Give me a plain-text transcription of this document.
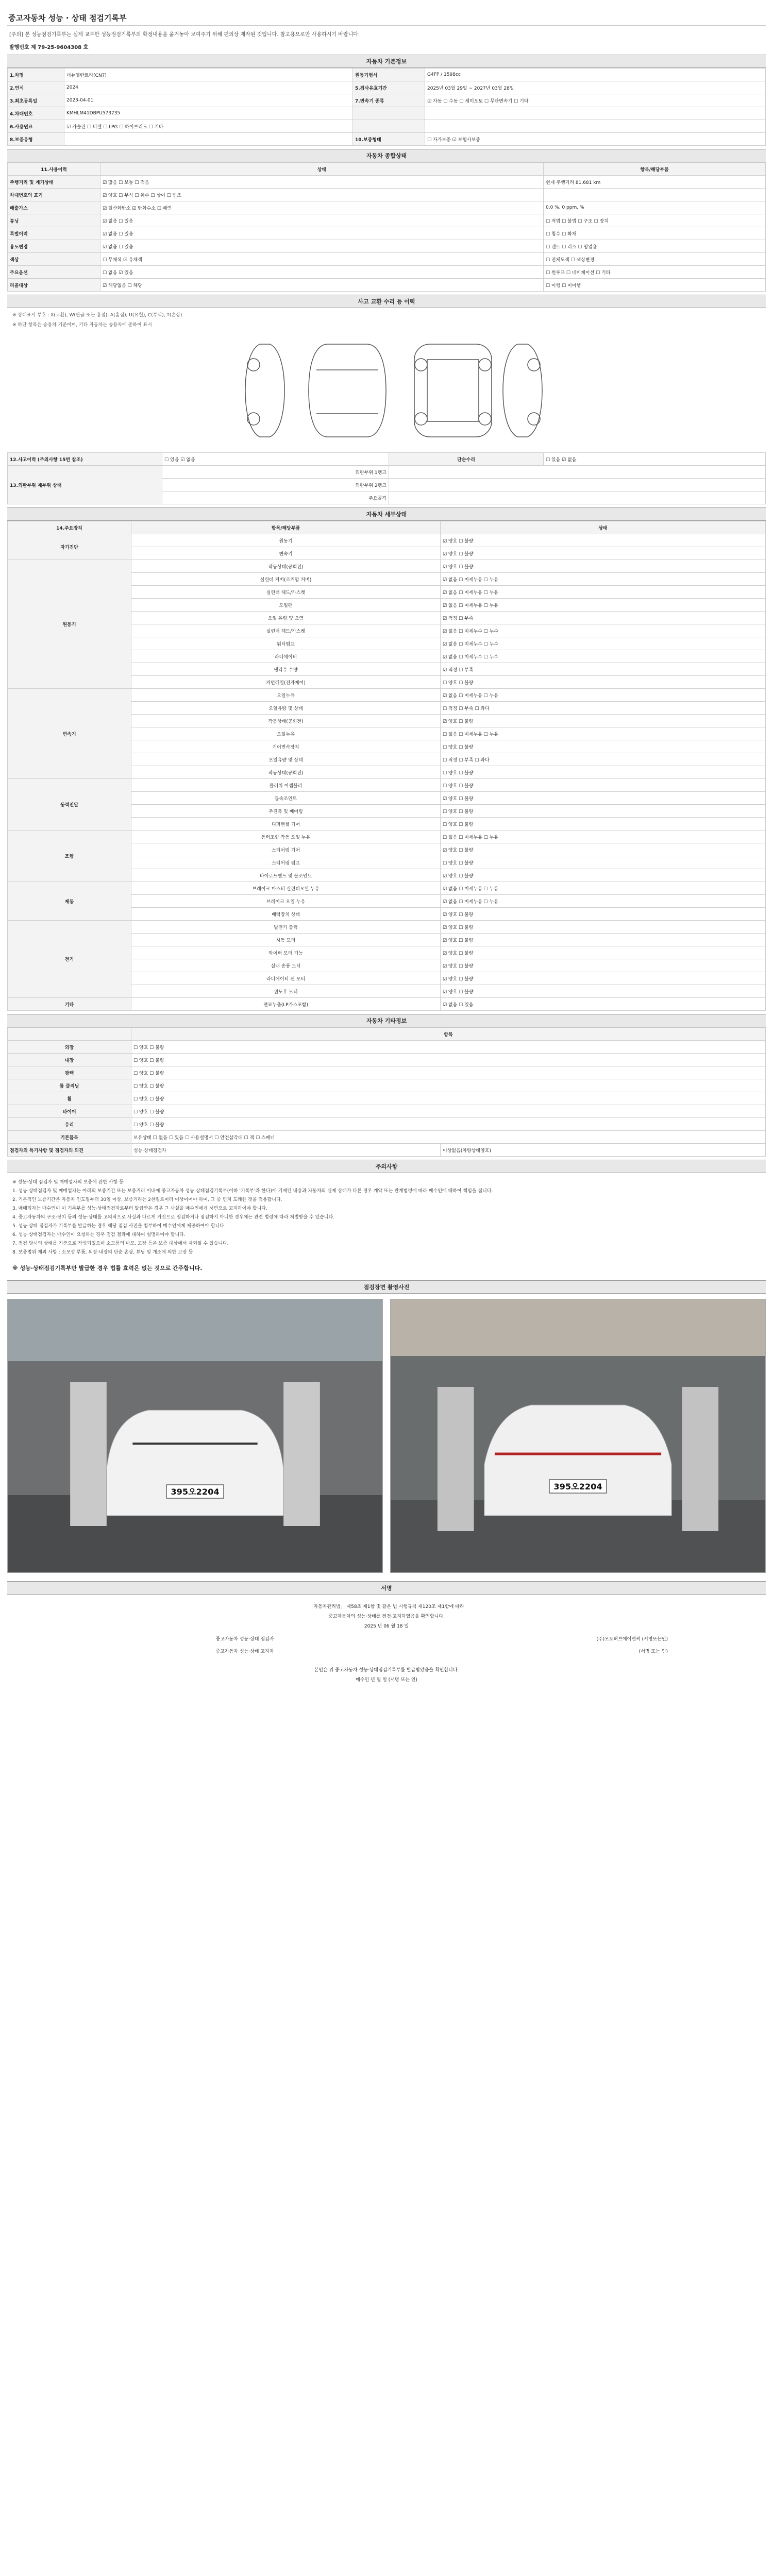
중고자동차 성능 · 상태 점검기록부
[주의] 본 성능점검기록부는 실제 교부한 성능점검기록부의 확정내용을 옮겨놓아 보여주기 위해 편의상 제작된 것입니다. 참고용으로만 사용하시기 바랍니다.
발행번호 제 79-25-9604308 호
자동차 기본정보
1.차명	더뉴엘란트라(CN7)	원동기형식	G4FP / 1598cc
2.연식	2024	5.검사유효기간	2025년 03월 29일 ~ 2027년 03월 28일
3.최초등록일	2023-04-01	7.변속기 종류	☑ 자동 ☐ 수동 ☐ 세미오토 ☐ 무단변속기 ☐ 기타
4.차대번호	KMHLM41DBPU573735		
6.사용연료	☑ 가솔린 ☐ 디젤 ☐ LPG ☐ 하이브리드 ☐ 기타		
8.보증유형		10.보증형태	☐ 자가보증 ☑ 보험사보증
자동차 종합상태
11.사용이력	상태	항목/해당부품
주행거리 및 계기상태	☑ 많음 ☐ 보통 ☐ 적음	현재 주행거리 81,681 km
차대번호의 표기	☑ 양호 ☐ 부식 ☐ 훼손 ☐ 상이 ☐ 변조	
배출가스	☑ 일산화탄소 ☑ 탄화수소 ☐ 매연	0.0 %, 0 ppm, %
튜닝	☑ 없음 ☐ 있음	☐ 적법 ☐ 불법 ☐ 구조 ☐ 장치
특별이력	☑ 없음 ☐ 있음	☐ 침수 ☐ 화재
용도변경	☑ 없음 ☐ 있음	☐ 렌트 ☐ 리스 ☐ 영업용
색상	☐ 무채색 ☑ 유채색	☐ 전체도색 ☐ 색상변경
주요옵션	☐ 없음 ☑ 있음	☐ 썬루프 ☐ 네비게이션 ☐ 기타
리콜대상	☑ 해당없음 ☐ 해당	☐ 이행 ☐ 미이행
사고 교환 수리 등 이력
※ 상태표시 부호 : X(교환), W(판금 또는 용접), A(흠집), U(요철), C(부식), T(손상)
※ 하단 항목은 승용차 기준이며, 기타 자동차는 승용차에 준하여 표시
12.사고이력 (주의사항 15번 참조)	☐ 있음 ☑ 없음	단순수리	☐ 있음 ☑ 없음
13.외판부위 제부위 상태	외판부위 1랭크		
	외판부위 2랭크		
	주요골격		
자동차 세부상태
14.주요장치	항목/해당부품	상태
자기진단	원동기	☑ 양호 ☐ 불량
	변속기	☑ 양호 ☐ 불량
원동기	작동상태(공회전)	☑ 양호 ☐ 불량
	실린더 커버(로커암 커버)	☑ 없음 ☐ 미세누유 ☐ 누유
	실린더 헤드/가스켓	☑ 없음 ☐ 미세누유 ☐ 누유
	오일팬	☑ 없음 ☐ 미세누유 ☐ 누유
	오일 유량 및 오염	☑ 적정 ☐ 부족
	실린더 헤드/가스켓	☑ 없음 ☐ 미세누수 ☐ 누수
	워터펌프	☑ 없음 ☐ 미세누수 ☐ 누수
	라디에이터	☑ 없음 ☐ 미세누수 ☐ 누수
	냉각수 수량	☑ 적정 ☐ 부족
	커먼레일(전자제어)	☐ 양호 ☐ 불량
변속기	오일누유	☑ 없음 ☐ 미세누유 ☐ 누유
	오일유량 및 상태	☐ 적정 ☐ 부족 ☐ 과다
	작동상태(공회전)	☑ 양호 ☐ 불량
	오일누유	☐ 없음 ☐ 미세누유 ☐ 누유
	기어변속장치	☐ 양호 ☐ 불량
	오일유량 및 상태	☐ 적정 ☐ 부족 ☐ 과다
	작동상태(공회전)	☐ 양호 ☐ 불량
동력전달	클러치 어셈블리	☐ 양호 ☐ 불량
	등속조인트	☑ 양호 ☐ 불량
	추진축 및 베어링	☐ 양호 ☐ 불량
	디퍼렌셜 기어	☐ 양호 ☐ 불량
조향	동력조향 작동 오일 누유	☐ 없음 ☐ 미세누유 ☐ 누유
	스티어링 기어	☑ 양호 ☐ 불량
	스티어링 펌프	☐ 양호 ☐ 불량
	타이로드엔드 및 볼조인트	☑ 양호 ☐ 불량
제동	브레이크 마스터 실린더오일 누유	☑ 없음 ☐ 미세누유 ☐ 누유
	브레이크 오일 누유	☑ 없음 ☐ 미세누유 ☐ 누유
	배력장치 상태	☑ 양호 ☐ 불량
전기	발전기 출력	☑ 양호 ☐ 불량
	시동 모터	☑ 양호 ☐ 불량
	와이퍼 모터 기능	☑ 양호 ☐ 불량
	실내 송풍 모터	☑ 양호 ☐ 불량
	라디에이터 팬 모터	☑ 양호 ☐ 불량
	윈도우 모터	☑ 양호 ☐ 불량
기타	연료누출(LP가스포함)	☑ 없음 ☐ 있음
자동차 기타정보
	항목	
외장	☐ 양호 ☐ 불량	
내장	☐ 양호 ☐ 불량	
광택	☐ 양호 ☐ 불량	
룸 클리닝	☐ 양호 ☐ 불량	
휠	☐ 양호 ☐ 불량	
타이어	☐ 양호 ☐ 불량	
유리	☐ 양호 ☐ 불량	
기본품목	보유상태 ☐ 없음 ☐ 있음 ☐ 사용설명서 ☐ 안전삼각대 ☐ 잭 ☐ 스패너	
점검자의 특기사항 및 점검자의 의견	성능·상태점검자	이상없음(차량상태양호)
주의사항

※ 성능·상태 점검자 및 매매업자의 보증에 관한 사항 등

1. 성능·상태점검자 및 매매업자는 아래의 보증기간 또는 보증거리 이내에 중고자동차 성능·상태점검기록부(이하 '기록부'라 한다)에 기재된 내용과 자동차의 실제 상태가 다른 경우 계약 또는 관계법령에 따라 매수인에 대하여 책임을 집니다.

2. 기본적인 보증기간은 자동차 인도일부터 30일 이상, 보증거리는 2천킬로미터 이상이어야 하며, 그 중 먼저 도래한 것을 적용합니다.

3. 매매업자는 매수인이 이 기록부를 성능·상태점검자로부터 발급받은 경우 그 사실을 매수인에게 서면으로 고지하여야 합니다.

4. 중고자동차의 구조·장치 등의 성능·상태를 고의적으로 사실과 다르게 거짓으로 점검하거나 점검하지 아니한 경우에는 관련 법령에 따라 처벌받을 수 있습니다.

5. 성능·상태 점검자가 기록부를 발급하는 경우 해당 점검 사진을 첨부하여 매수인에게 제공하여야 합니다.

6. 성능·상태점검자는 매수인이 요청하는 경우 점검 결과에 대하여 설명하여야 합니다.

7. 점검 당시의 상태를 기준으로 작성되었으며 소모품의 마모, 고장 등은 보증 대상에서 제외될 수 있습니다.

8. 보증범위 제외 사항 : 소모성 부품, 외장·내장의 단순 손상, 튜닝 및 개조에 의한 고장 등

※ 성능·상태점검기록부만 발급한 경우 법률 효력은 없는 것으로 간주합니다.
점검장면 촬영사진
395오2204
395오2204
서명

「자동차관리법」 제58조 제1항 및 같은 법 시행규칙 제120조 제1항에 따라

중고자동차의 성능·상태를 점검·고지하였음을 확인합니다.

2025 년 06 월 18 일

중고자동차 성능·상태 점검자	(주)오토허브에이앤씨 (서명또는인)
중고자동차 성능·상태 고지자	(서명 또는 인)

본인은 위 중고자동차 성능·상태점검기록부를 발급받았음을 확인합니다.

매수인 년 월 일 (서명 또는 인)
